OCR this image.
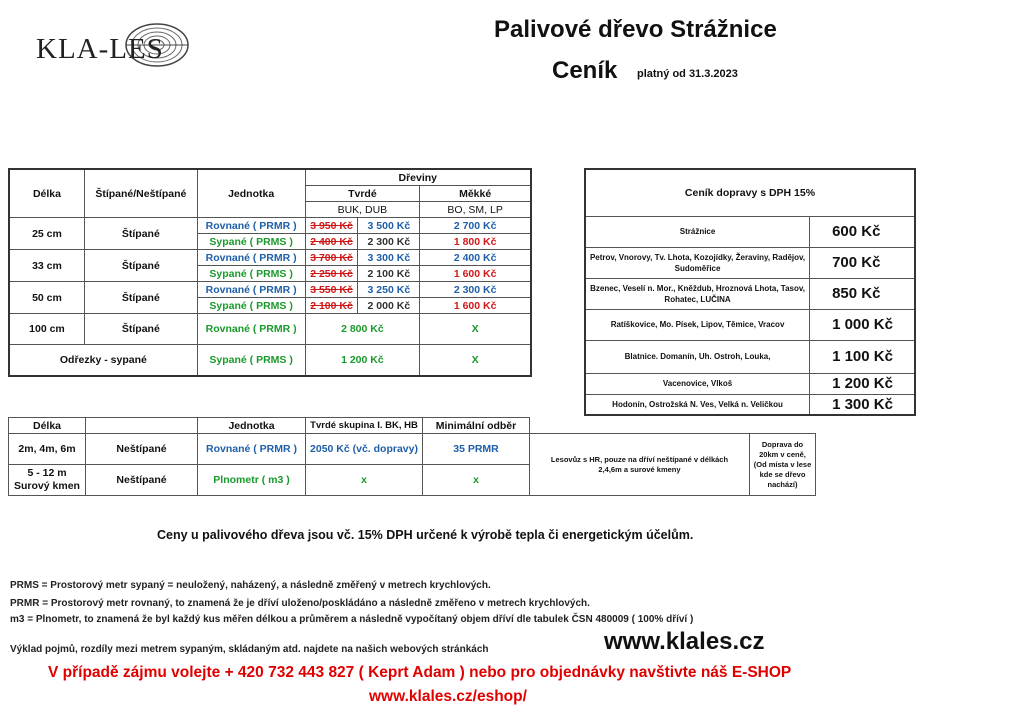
KLA-LES
Palivové dřevo Strážnice
Ceník platný od 31.3.2023
Délka	Štípané/Neštípané	Jednotka	Dřeviny		
			Tvrdé		Měkké
			BUK, DUB		BO, SM, LP
25 cm	Štípané	Rovnané ( PRMR )	3 950 Kč	3 500 Kč	2 700 Kč
		Sypané ( PRMS )	2 400 Kč	2 300 Kč	1 800 Kč
33 cm	Štípané	Rovnané ( PRMR )	3 700 Kč	3 300 Kč	2 400 Kč
		Sypané ( PRMS )	2 250 Kč	2 100 Kč	1 600 Kč
50 cm	Štípané	Rovnané ( PRMR )	3 550 Kč	3 250 Kč	2 300 Kč
		Sypané ( PRMS )	2 100 Kč	2 000 Kč	1 600 Kč
100 cm	Štípané	Rovnané ( PRMR )	2 800 Kč		X
Odřezky - sypané		Sypané ( PRMS )	1 200 Kč		X
Ceník dopravy s DPH 15%	
Strážnice	600 Kč
Petrov, Vnorovy, Tv. Lhota, Kozojídky, Žeraviny, Radějov, Sudoměřice	700 Kč
Bzenec, Veselí n. Mor., Kněždub, Hroznová Lhota, Tasov, Rohatec, LUČINA	850 Kč
Ratíškovice, Mo. Písek, Lipov, Těmice, Vracov	1 000 Kč
Blatnice. Domanín, Uh. Ostroh, Louka,	1 100 Kč
Vacenovice, Vlkoš	1 200 Kč
Hodonín, Ostrožská N. Ves, Velká n. Veličkou	1 300 Kč
Délka		Jednotka	Tvrdé skupina I. BK, HB	Minimální odběr		
2m, 4m, 6m	Neštípané	Rovnané ( PRMR )	2050 Kč (vč. dopravy)	35 PRMR	Lesovůz s HR, pouze na dříví neštípané v délkách 2,4,6m a surové kmeny	Doprava do 20km v ceně, (Od místa v lese kde se dřevo nachází)
5 - 12 m Surový kmen	Neštípané	Plnometr ( m3 )	x	x		
Ceny u palivového dřeva jsou vč. 15% DPH určené k výrobě tepla či energetickým účelům.
PRMS = Prostorový metr sypaný = neuložený, naházený, a následně změřený v metrech krychlových.
PRMR = Prostorový metr rovnaný, to znamená že je dříví uloženo/poskládáno a následně změřeno v metrech krychlových.
m3 = Plnometr, to znamená že byl každý kus měřen délkou a průměrem a následně vypočítaný objem dříví dle tabulek ČSN 480009 ( 100% dříví )
Výklad pojmů, rozdíly mezi metrem sypaným, skládaným atd. najdete na našich webových stránkách	www.klales.cz
V případě zájmu volejte + 420 732 443 827 ( Keprt Adam ) nebo pro objednávky navštivte náš E-SHOP
www.klales.cz/eshop/
